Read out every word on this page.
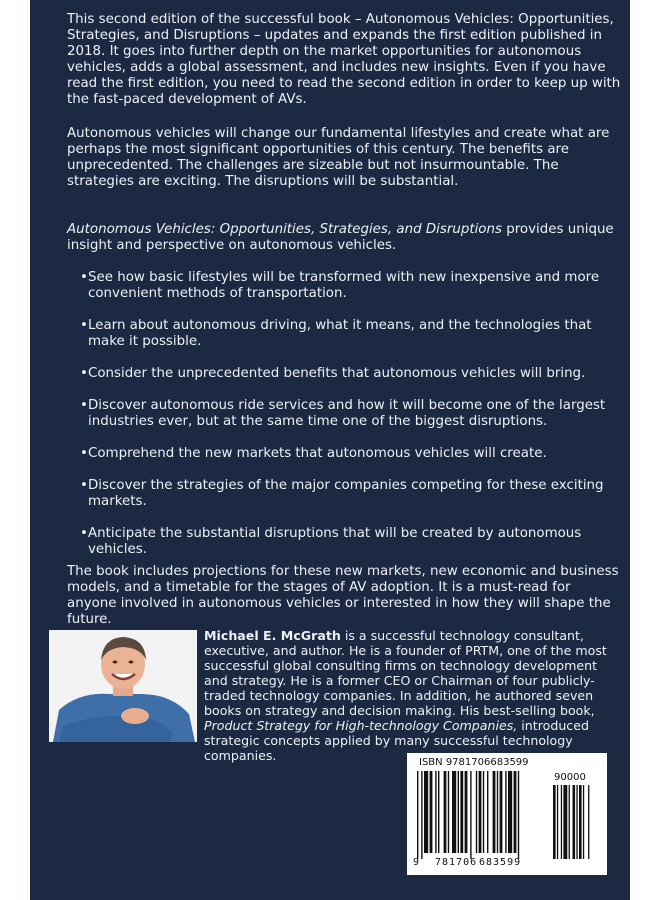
This second edition of the successful book – Autonomous Vehicles: Opportunities, Strategies, and Disruptions – updates and expands the first edition published in 2018. It goes into further depth on the market opportunities for autonomous vehicles, adds a global assessment, and includes new insights. Even if you have read the first edition, you need to read the second edition in order to keep up with the fast-paced development of AVs.

Autonomous vehicles will change our fundamental lifestyles and create what are perhaps the most significant opportunities of this century. The benefits are unprecedented. The challenges are sizeable but not insurmountable. The strategies are exciting. The disruptions will be substantial.

Autonomous Vehicles: Opportunities, Strategies, and Disruptions provides unique insight and perspective on autonomous vehicles.

• See how basic lifestyles will be transformed with new inexpensive and more convenient methods of transportation.
• Learn about autonomous driving, what it means, and the technologies that make it possible.
• Consider the unprecedented benefits that autonomous vehicles will bring.
• Discover autonomous ride services and how it will become one of the largest industries ever, but at the same time one of the biggest disruptions.
• Comprehend the new markets that autonomous vehicles will create.
• Discover the strategies of the major companies competing for these exciting markets.
• Anticipate the substantial disruptions that will be created by autonomous vehicles.

The book includes projections for these new markets, new economic and business models, and a timetable for the stages of AV adoption. It is a must-read for anyone involved in autonomous vehicles or interested in how they will shape the future.

Michael E. McGrath is a successful technology consultant, executive, and author. He is a founder of PRTM, one of the most successful global consulting firms on technology development and strategy. He is a former CEO or Chairman of four publicly-traded technology companies. In addition, he authored seven books on strategy and decision making. His best-selling book, Product Strategy for High-technology Companies, introduced strategic concepts applied by many successful technology companies.	ISBN 9781706683599
90000
9 781706 683599
